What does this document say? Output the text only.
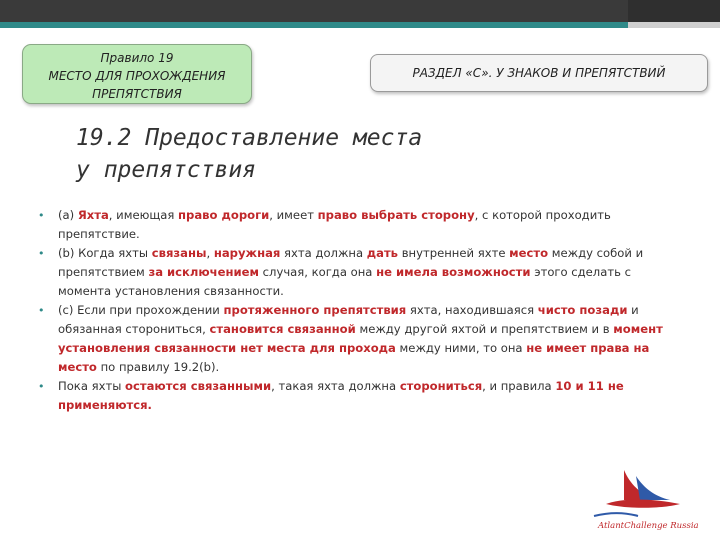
Правило 19
МЕСТО ДЛЯ ПРОХОЖДЕНИЯ
ПРЕПЯТСТВИЯ
РАЗДЕЛ «С». У ЗНАКОВ И ПРЕПЯТСТВИЙ
19.2 Предоставление места
у препятствия
• (a) Яхта, имеющая право дороги, имеет право выбрать сторону, с которой проходить препятствие.
• (b) Когда яхты связаны, наружная яхта должна дать внутренней яхте место между собой и препятствием за исключением случая, когда она не имела возможности этого сделать с момента установления связанности.
• (c) Если при прохождении протяженного препятствия яхта, находившаяся чисто позади и обязанная сторониться, становится связанной между другой яхтой и препятствием и в момент установления связанности нет места для прохода между ними, то она не имеет права на место по правилу 19.2(b).
• Пока яхты остаются связанными, такая яхта должна сторониться, и правила 10 и 11 не применяются.
AtlantChallenge Russia
